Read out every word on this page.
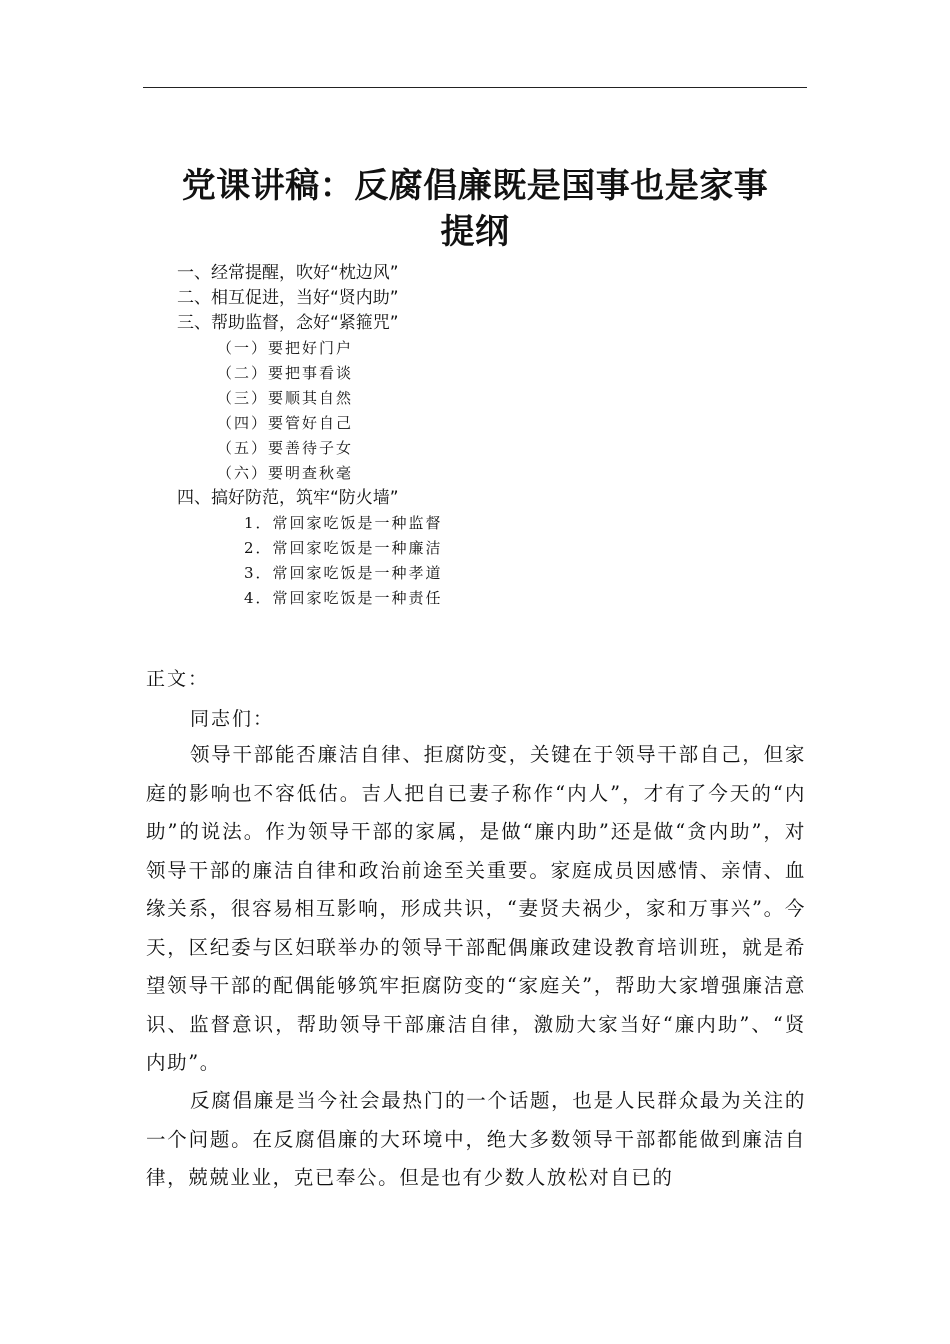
党课讲稿：反腐倡廉既是国事也是家事
提纲
一、经常提醒，吹好“枕边风”
二、相互促进，当好“贤内助”
三、帮助监督，念好“紧箍咒”
（一）要把好门户
（二）要把事看谈
（三）要顺其自然
（四）要管好自己
（五）要善待子女
（六）要明查秋毫
四、搞好防范，筑牢“防火墙”
1．常回家吃饭是一种监督
2．常回家吃饭是一种廉洁
3．常回家吃饭是一种孝道
4．常回家吃饭是一种责任
正文：
同志们：

领导干部能否廉洁自律、拒腐防变，关键在于领导干部自己，但家庭的影响也不容低估。吉人把自已妻子称作“内人”，才有了今天的“内助”的说法。作为领导干部的家属，是做“廉内助”还是做“贪内助”，对领导干部的廉洁自律和政治前途至关重要。家庭成员因感情、亲情、血缘关系，很容易相互影响，形成共识，“妻贤夫祸少，家和万事兴”。今天，区纪委与区妇联举办的领导干部配偶廉政建设教育培训班，就是希望领导干部的配偶能够筑牢拒腐防变的“家庭关”，帮助大家增强廉洁意识、监督意识，帮助领导干部廉洁自律，激励大家当好“廉内助”、“贤内助”。

反腐倡廉是当今社会最热门的一个话题，也是人民群众最为关注的一个问题。在反腐倡廉的大环境中，绝大多数领导干部都能做到廉洁自律，兢兢业业，克已奉公。但是也有少数人放松对自已的
